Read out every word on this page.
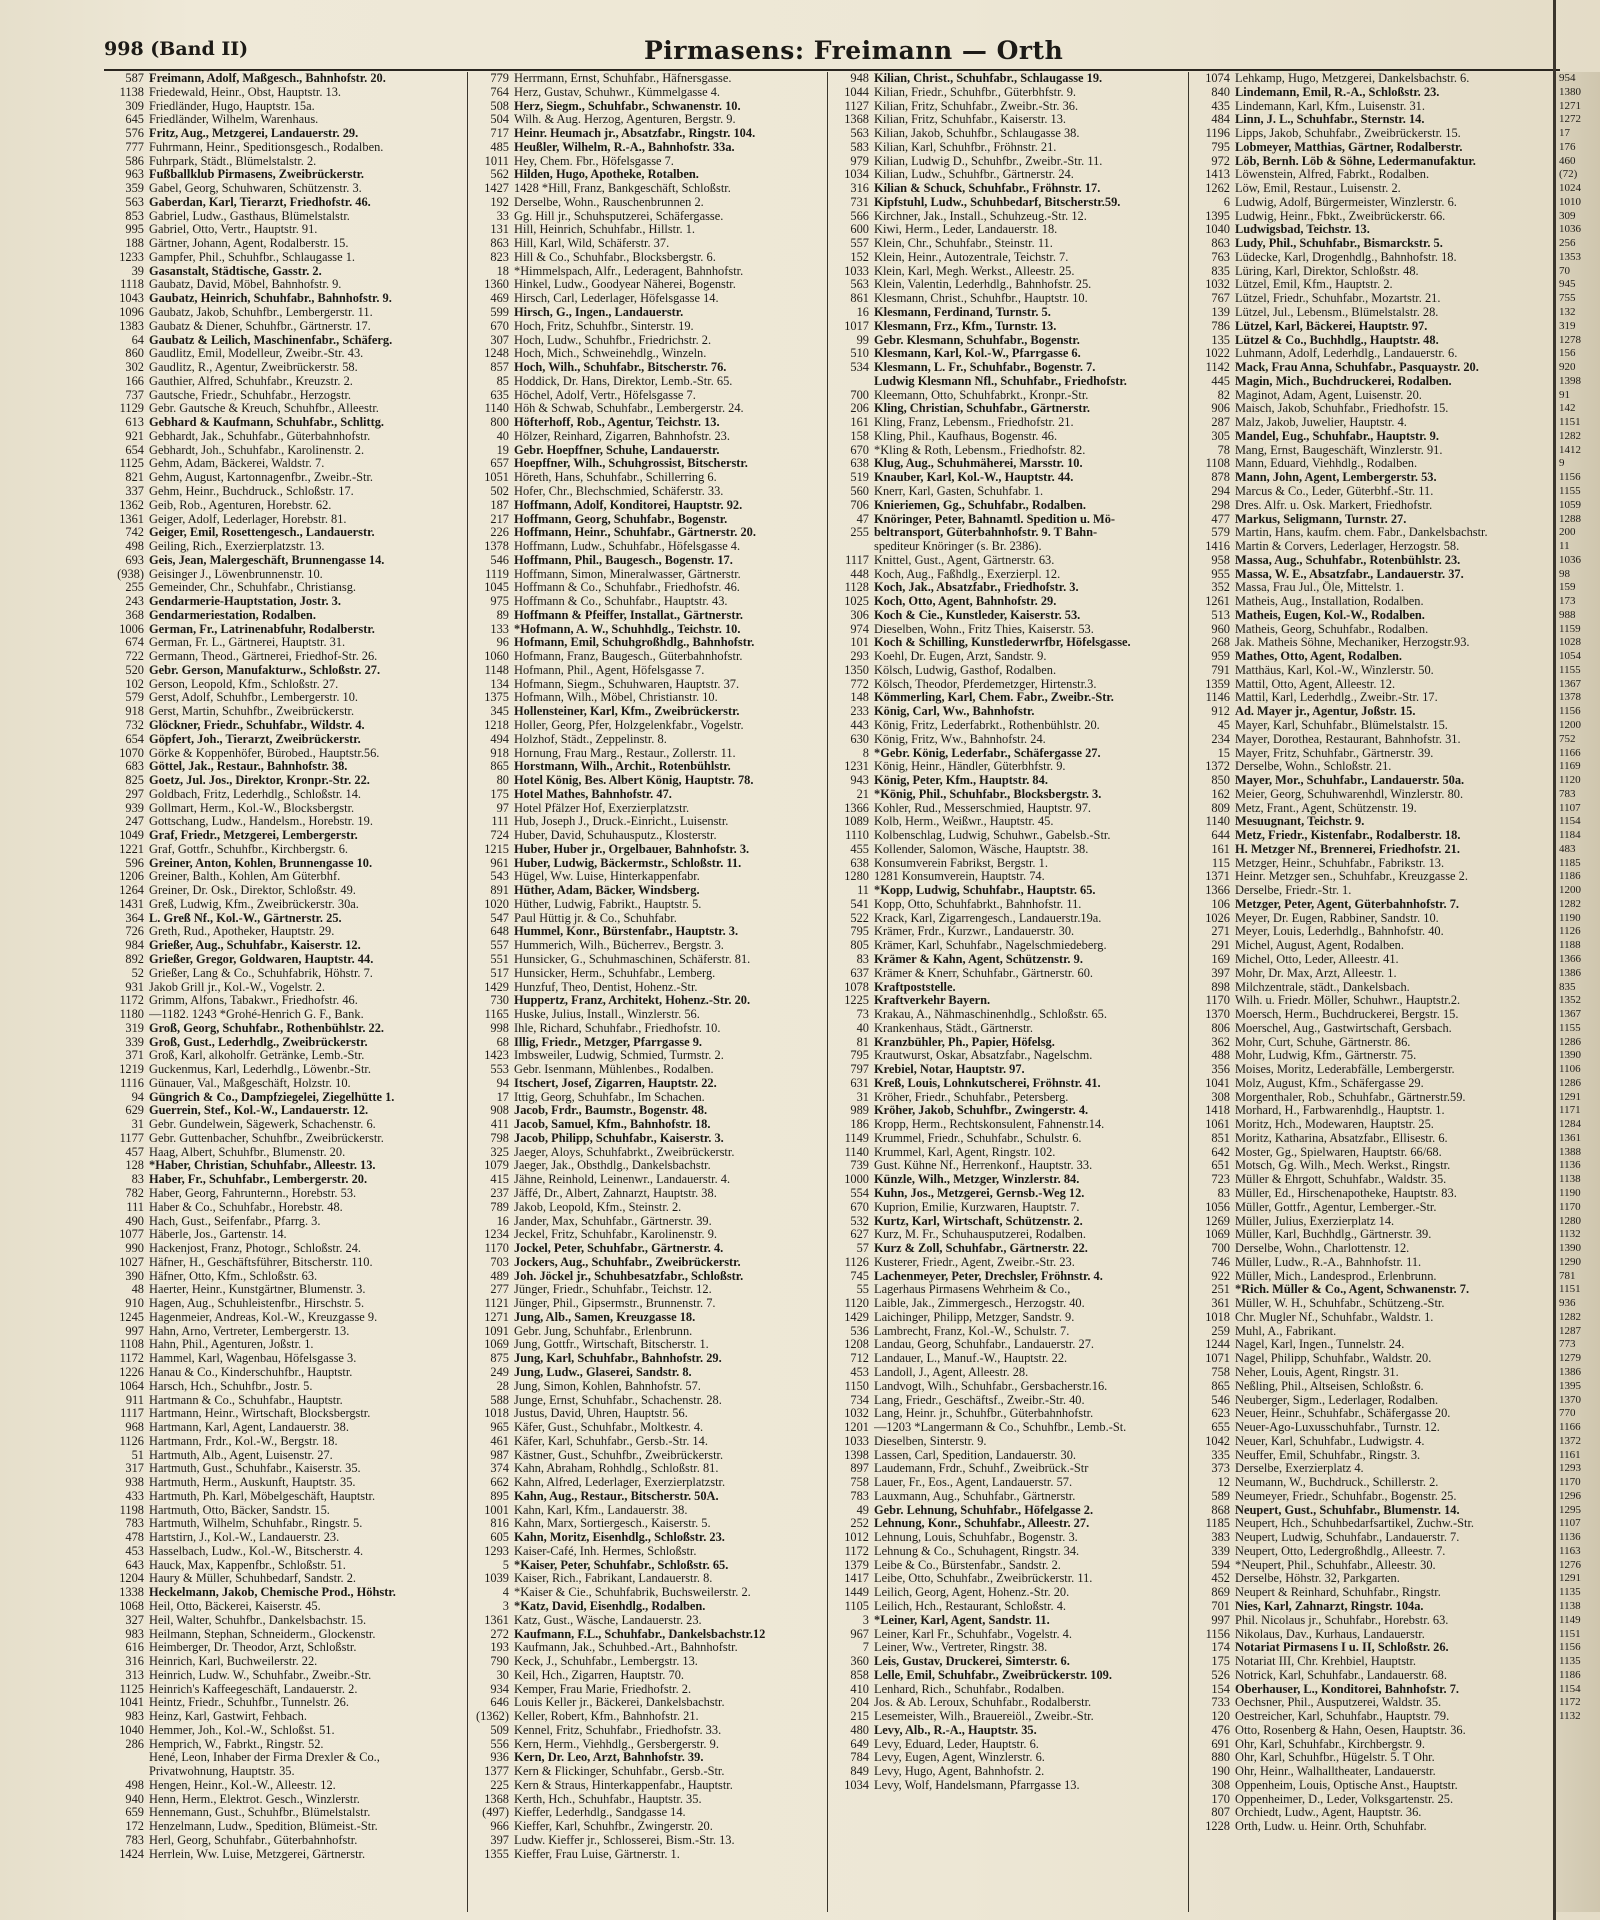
998 (Band II)	Pirmasens: Freimann — Orth
587 Freimann, Adolf, Maßgesch., Bahnhofstr. 20.
1138 Friedewald, Heinr., Obst, Hauptstr. 13.
309 Friedländer, Hugo, Hauptstr. 15a.
645 Friedländer, Wilhelm, Warenhaus.
576 Fritz, Aug., Metzgerei, Landauerstr. 29.
777 Fuhrmann, Heinr., Speditionsgesch., Rodalben.
586 Fuhrpark, Städt., Blümelstalstr. 2.
963 Fußballklub Pirmasens, Zweibrückerstr.
359 Gabel, Georg, Schuhwaren, Schützenstr. 3.
563 Gaberdan, Karl, Tierarzt, Friedhofstr. 46.
853 Gabriel, Ludw., Gasthaus, Blümelstalstr.
995 Gabriel, Otto, Vertr., Hauptstr. 91.
188 Gärtner, Johann, Agent, Rodalberstr. 15.
1233 Gampfer, Phil., Schuhfbr., Schlaugasse 1.
39 Gasanstalt, Städtische, Gasstr. 2.
1118 Gaubatz, David, Möbel, Bahnhofstr. 9.
1043 Gaubatz, Heinrich, Schuhfabr., Bahnhofstr. 9.
1096 Gaubatz, Jakob, Schuhfbr., Lembergerstr. 11.
1383 Gaubatz & Diener, Schuhfbr., Gärtnerstr. 17.
64 Gaubatz & Leilich, Maschinenfabr., Schäferg.
860 Gaudlitz, Emil, Modelleur, Zweibr.-Str. 43.
302 Gaudlitz, R., Agentur, Zweibrückerstr. 58.
166 Gauthier, Alfred, Schuhfabr., Kreuzstr. 2.
737 Gautsche, Friedr., Schuhfabr., Herzogstr.
1129 Gebr. Gautsche & Kreuch, Schuhfbr., Alleestr.
613 Gebhard & Kaufmann, Schuhfabr., Schlittg.
921 Gebhardt, Jak., Schuhfabr., Güterbahnhofstr.
654 Gebhardt, Joh., Schuhfabr., Karolinenstr. 2.
1125 Gehm, Adam, Bäckerei, Waldstr. 7.
821 Gehm, August, Kartonnagenfbr., Zweibr.-Str.
337 Gehm, Heinr., Buchdruck., Schloßstr. 17.
1362 Geib, Rob., Agenturen, Horebstr. 62.
1361 Geiger, Adolf, Lederlager, Horebstr. 81.
742 Geiger, Emil, Rosettengesch., Landauerstr.
498 Geiling, Rich., Exerzierplatzstr. 13.
693 Geis, Jean, Malergeschäft, Brunnengasse 14.
(938) Geisinger J., Löwenbrunnenstr. 10.
255 Gemeinder, Chr., Schuhfabr., Christiansg.
243 Gendarmerie-Hauptstation, Jostr. 3.
368 Gendarmeriestation, Rodalben.
1006 German, Fr., Latrinenabfuhr, Rodalberstr.
674 German, Fr. L., Gärtnerei, Hauptstr. 31.
722 Germann, Theod., Gärtnerei, Friedhof-Str. 26.
520 Gebr. Gerson, Manufakturw., Schloßstr. 27.
102 Gerson, Leopold, Kfm., Schloßstr. 27.
579 Gerst, Adolf, Schuhfbr., Lembergerstr. 10.
918 Gerst, Martin, Schuhfbr., Zweibrückerstr.
732 Glöckner, Friedr., Schuhfabr., Wildstr. 4.
654 Göpfert, Joh., Tierarzt, Zweibrückerstr.
1070 Görke & Koppenhöfer, Bürobed., Hauptstr.56.
683 Göttel, Jak., Restaur., Bahnhofstr. 38.
825 Goetz, Jul. Jos., Direktor, Kronpr.-Str. 22.
297 Goldbach, Fritz, Lederhdlg., Schloßstr. 14.
939 Gollmart, Herm., Kol.-W., Blocksbergstr.
247 Gottschang, Ludw., Handelsm., Horebstr. 19.
1049 Graf, Friedr., Metzgerei, Lembergerstr.
1221 Graf, Gottfr., Schuhfbr., Kirchbergstr. 6.
596 Greiner, Anton, Kohlen, Brunnengasse 10.
1206 Greiner, Balth., Kohlen, Am Güterbhf.
1264 Greiner, Dr. Osk., Direktor, Schloßstr. 49.
1431 Greß, Ludwig, Kfm., Zweibrückerstr. 30a.
364 L. Greß Nf., Kol.-W., Gärtnerstr. 25.
726 Greth, Rud., Apotheker, Hauptstr. 29.
984 Grießer, Aug., Schuhfabr., Kaiserstr. 12.
892 Grießer, Gregor, Goldwaren, Hauptstr. 44.
52 Grießer, Lang & Co., Schuhfabrik, Höhstr. 7.
931 Jakob Grill jr., Kol.-W., Vogelstr. 2.
1172 Grimm, Alfons, Tabakwr., Friedhofstr. 46.
1180 —1182. 1243 *Grohé-Henrich G. F., Bank.
319 Groß, Georg, Schuhfabr., Rothenbühlstr. 22.
339 Groß, Gust., Lederhdlg., Zweibrückerstr.
371 Groß, Karl, alkoholfr. Getränke, Lemb.-Str.
1219 Guckenmus, Karl, Lederhdlg., Löwenbr.-Str.
1116 Günauer, Val., Maßgeschäft, Holzstr. 10.
94 Güngrich & Co., Dampfziegelei, Ziegelhütte 1.
629 Guerrein, Stef., Kol.-W., Landauerstr. 12.
31 Gebr. Gundelwein, Sägewerk, Schachenstr. 6.
1177 Gebr. Guttenbacher, Schuhfbr., Zweibrückerstr.
457 Haag, Albert, Schuhfbr., Blumenstr. 20.
128 *Haber, Christian, Schuhfabr., Alleestr. 13.
83 Haber, Fr., Schuhfabr., Lembergerstr. 20.
782 Haber, Georg, Fahrunternn., Horebstr. 53.
111 Haber & Co., Schuhfabr., Horebstr. 48.
490 Hach, Gust., Seifenfabr., Pfarrg. 3.
1077 Häberle, Jos., Gartenstr. 14.
990 Hackenjost, Franz, Photogr., Schloßstr. 24.
1027 Häfner, H., Geschäftsführer, Bitscherstr. 110.
390 Häfner, Otto, Kfm., Schloßstr. 63.
48 Haerter, Heinr., Kunstgärtner, Blumenstr. 3.
910 Hagen, Aug., Schuhleistenfbr., Hirschstr. 5.
1245 Hagenmeier, Andreas, Kol.-W., Kreuzgasse 9.
997 Hahn, Arno, Vertreter, Lembergerstr. 13.
1108 Hahn, Phil., Agenturen, Joßstr. 1.
1172 Hammel, Karl, Wagenbau, Höfelsgasse 3.
1226 Hanau & Co., Kinderschuhfbr., Hauptstr.
1064 Harsch, Hch., Schuhfbr., Jostr. 5.
911 Hartmann & Co., Schuhfabr., Hauptstr.
1117 Hartmann, Heinr., Wirtschaft, Blocksbergstr.
968 Hartmann, Karl, Agent, Landauerstr. 38.
1126 Hartmann, Frdr., Kol.-W., Bergstr. 18.
51 Hartmuth, Alb., Agent, Luisenstr. 27.
317 Hartmuth, Gust., Schuhfabr., Kaiserstr. 35.
938 Hartmuth, Herm., Auskunft, Hauptstr. 35.
433 Hartmuth, Ph. Karl, Möbelgeschäft, Hauptstr.
1198 Hartmuth, Otto, Bäcker, Sandstr. 15.
783 Hartmuth, Wilhelm, Schuhfabr., Ringstr. 5.
478 Hartstirn, J., Kol.-W., Landauerstr. 23.
453 Hasselbach, Ludw., Kol.-W., Bitscherstr. 4.
643 Hauck, Max, Kappenfbr., Schloßstr. 51.
1204 Haury & Müller, Schuhbedarf, Sandstr. 2.
1338 Heckelmann, Jakob, Chemische Prod., Höhstr.
1068 Heil, Otto, Bäckerei, Kaiserstr. 45.
327 Heil, Walter, Schuhfbr., Dankelsbachstr. 15.
983 Heilmann, Stephan, Schneiderm., Glockenstr.
616 Heimberger, Dr. Theodor, Arzt, Schloßstr.
316 Heinrich, Karl, Buchweilerstr. 22.
313 Heinrich, Ludw. W., Schuhfabr., Zweibr.-Str.
1125 Heinrich's Kaffeegeschäft, Landauerstr. 2.
1041 Heintz, Friedr., Schuhfbr., Tunnelstr. 26.
983 Heinz, Karl, Gastwirt, Fehbach.
1040 Hemmer, Joh., Kol.-W., Schloßst. 51.
286 Hemprich, W., Fabrkt., Ringstr. 52.
Hené, Leon, Inhaber der Firma Drexler & Co.,
Privatwohnung, Hauptstr. 35.
498 Hengen, Heinr., Kol.-W., Alleestr. 12.
940 Henn, Herm., Elektrot. Gesch., Winzlerstr.
659 Hennemann, Gust., Schuhfbr., Blümelstalstr.
172 Henzelmann, Ludw., Spedition, Blümeist.-Str.
783 Herl, Georg, Schuhfabr., Güterbahnhofstr.
1424 Herrlein, Ww. Luise, Metzgerei, Gärtnerstr.
779 Herrmann, Ernst, Schuhfabr., Häfnersgasse.
764 Herz, Gustav, Schuhwr., Kümmelgasse 4.
508 Herz, Siegm., Schuhfabr., Schwanenstr. 10.
504 Wilh. & Aug. Herzog, Agenturen, Bergstr. 9.
717 Heinr. Heumach jr., Absatzfabr., Ringstr. 104.
485 Heußler, Wilhelm, R.-A., Bahnhofstr. 33a.
1011 Hey, Chem. Fbr., Höfelsgasse 7.
562 Hilden, Hugo, Apotheke, Rotalben.
1427 1428 *Hill, Franz, Bankgeschäft, Schloßstr.
192 Derselbe, Wohn., Rauschenbrunnen 2.
33 Gg. Hill jr., Schuhsputzerei, Schäfergasse.
131 Hill, Heinrich, Schuhfabr., Hillstr. 1.
863 Hill, Karl, Wild, Schäferstr. 37.
823 Hill & Co., Schuhfabr., Blocksbergstr. 6.
18 *Himmelspach, Alfr., Lederagent, Bahnhofstr.
1360 Hinkel, Ludw., Goodyear Näherei, Bogenstr.
469 Hirsch, Carl, Lederlager, Höfelsgasse 14.
599 Hirsch, G., Ingen., Landauerstr.
670 Hoch, Fritz, Schuhfbr., Sinterstr. 19.
307 Hoch, Ludw., Schuhfbr., Friedrichstr. 2.
1248 Hoch, Mich., Schweinehdlg., Winzeln.
857 Hoch, Wilh., Schuhfabr., Bitscherstr. 76.
85 Hoddick, Dr. Hans, Direktor, Lemb.-Str. 65.
635 Höchel, Adolf, Vertr., Höfelsgasse 7.
1140 Höh & Schwab, Schuhfabr., Lembergerstr. 24.
800 Höfterhoff, Rob., Agentur, Teichstr. 13.
40 Hölzer, Reinhard, Zigarren, Bahnhofstr. 23.
19 Gebr. Hoepffner, Schuhe, Landauerstr.
657 Hoepffner, Wilh., Schuhgrossist, Bitscherstr.
1051 Höreth, Hans, Schuhfabr., Schillerring 6.
502 Hofer, Chr., Blechschmied, Schäferstr. 33.
187 Hoffmann, Adolf, Konditorei, Hauptstr. 92.
217 Hoffmann, Georg, Schuhfabr., Bogenstr.
226 Hoffmann, Heinr., Schuhfabr., Gärtnerstr. 20.
1378 Hoffmann, Ludw., Schuhfabr., Höfelsgasse 4.
546 Hoffmann, Phil., Baugesch., Bogenstr. 17.
1119 Hoffmann, Simon, Mineralwasser, Gärtnerstr.
1045 Hoffmann & Co., Schuhfabr., Friedhofstr. 46.
975 Hoffmann & Co., Schuhfabr., Hauptstr. 43.
89 Hoffmann & Pfeiffer, Installat., Gärtnerstr.
133 *Hofmann, A. W., Schuhhdlg., Teichstr. 10.
96 Hofmann, Emil, Schuhgroßhdlg., Bahnhofstr.
1060 Hofmann, Franz, Baugesch., Güterbahnhofstr.
1148 Hofmann, Phil., Agent, Höfelsgasse 7.
134 Hofmann, Siegm., Schuhwaren, Hauptstr. 37.
1375 Hofmann, Wilh., Möbel, Christianstr. 10.
345 Hollensteiner, Karl, Kfm., Zweibrückerstr.
1218 Holler, Georg, Pfer, Holzgelenkfabr., Vogelstr.
494 Holzhof, Städt., Zeppelinstr. 8.
918 Hornung, Frau Marg., Restaur., Zollerstr. 11.
865 Horstmann, Wilh., Archit., Rotenbühlstr.
80 Hotel König, Bes. Albert König, Hauptstr. 78.
175 Hotel Mathes, Bahnhofstr. 47.
97 Hotel Pfälzer Hof, Exerzierplatzstr.
111 Hub, Joseph J., Druck.-Einricht., Luisenstr.
724 Huber, David, Schuhausputz., Klosterstr.
1215 Huber, Huber jr., Orgelbauer, Bahnhofstr. 3.
961 Huber, Ludwig, Bäckermstr., Schloßstr. 11.
543 Hügel, Ww. Luise, Hinterkappenfabr.
891 Hüther, Adam, Bäcker, Windsberg.
1020 Hüther, Ludwig, Fabrikt., Hauptstr. 5.
547 Paul Hüttig jr. & Co., Schuhfabr.
648 Hummel, Konr., Bürstenfabr., Hauptstr. 3.
557 Hummerich, Wilh., Bücherrev., Bergstr. 3.
551 Hunsicker, G., Schuhmaschinen, Schäferstr. 81.
517 Hunsicker, Herm., Schuhfabr., Lemberg.
1429 Hunzfuf, Theo, Dentist, Hohenz.-Str.
730 Huppertz, Franz, Architekt, Hohenz.-Str. 20.
1165 Huske, Julius, Install., Winzlerstr. 56.
998 Ihle, Richard, Schuhfabr., Friedhofstr. 10.
68 Illig, Friedr., Metzger, Pfarrgasse 9.
1423 Imbsweiler, Ludwig, Schmied, Turmstr. 2.
553 Gebr. Isenmann, Mühlenbes., Rodalben.
94 Itschert, Josef, Zigarren, Hauptstr. 22.
17 Ittig, Georg, Schuhfabr., Im Schachen.
908 Jacob, Frdr., Baumstr., Bogenstr. 48.
411 Jacob, Samuel, Kfm., Bahnhofstr. 18.
798 Jacob, Philipp, Schuhfabr., Kaiserstr. 3.
325 Jaeger, Aloys, Schuhfabrkt., Zweibrückerstr.
1079 Jaeger, Jak., Obsthdlg., Dankelsbachstr.
415 Jähne, Reinhold, Leinenwr., Landauerstr. 4.
237 Jäffé, Dr., Albert, Zahnarzt, Hauptstr. 38.
789 Jakob, Leopold, Kfm., Steinstr. 2.
16 Jander, Max, Schuhfabr., Gärtnerstr. 39.
1234 Jeckel, Fritz, Schuhfabr., Karolinenstr. 9.
1170 Jockel, Peter, Schuhfabr., Gärtnerstr. 4.
703 Jockers, Aug., Schuhfabr., Zweibrückerstr.
489 Joh. Jöckel jr., Schuhbesatzfabr., Schloßstr.
277 Jünger, Friedr., Schuhfabr., Teichstr. 12.
1121 Jünger, Phil., Gipsermstr., Brunnenstr. 7.
1271 Jung, Alb., Samen, Kreuzgasse 18.
1091 Gebr. Jung, Schuhfabr., Erlenbrunn.
1069 Jung, Gottfr., Wirtschaft, Bitscherstr. 1.
875 Jung, Karl, Schuhfabr., Bahnhofstr. 29.
249 Jung, Ludw., Glaserei, Sandstr. 8.
28 Jung, Simon, Kohlen, Bahnhofstr. 57.
588 Junge, Ernst, Schuhfabr., Schachenstr. 28.
1018 Justus, David, Uhren, Hauptstr. 56.
965 Käfer, Gust., Schuhfabr., Moltkestr. 4.
461 Käfer, Karl, Schuhfabr., Gersb.-Str. 14.
987 Kästner, Gust., Schuhfbr., Zweibrückerstr.
374 Kahn, Abraham, Rohhdlg., Schloßstr. 81.
662 Kahn, Alfred, Lederlager, Exerzierplatzstr.
895 Kahn, Aug., Restaur., Bitscherstr. 50A.
1001 Kahn, Karl, Kfm., Landauerstr. 38.
816 Kahn, Marx, Sortiergesch., Kaiserstr. 5.
605 Kahn, Moritz, Eisenhdlg., Schloßstr. 23.
1293 Kaiser-Café, Inh. Hermes, Schloßstr.
5 *Kaiser, Peter, Schuhfabr., Schloßstr. 65.
1039 Kaiser, Rich., Fabrikant, Landauerstr. 8.
4 *Kaiser & Cie., Schuhfabrik, Buchsweilerstr. 2.
3 *Katz, David, Eisenhdlg., Rodalben.
1361 Katz, Gust., Wäsche, Landauerstr. 23.
272 Kaufmann, F.L., Schuhfabr., Dankelsbachstr.12
193 Kaufmann, Jak., Schuhbed.-Art., Bahnhofstr.
790 Keck, J., Schuhfabr., Lembergstr. 13.
30 Keil, Hch., Zigarren, Hauptstr. 70.
934 Kemper, Frau Marie, Friedhofstr. 2.
646 Louis Keller jr., Bäckerei, Dankelsbachstr.
(1362) Keller, Robert, Kfm., Bahnhofstr. 21.
509 Kennel, Fritz, Schuhfabr., Friedhofstr. 33.
556 Kern, Herm., Viehhdlg., Gersbergerstr. 9.
936 Kern, Dr. Leo, Arzt, Bahnhofstr. 39.
1377 Kern & Flickinger, Schuhfabr., Gersb.-Str.
225 Kern & Straus, Hinterkappenfabr., Hauptstr.
1368 Kerth, Hch., Schuhfabr., Hauptstr. 35.
(497) Kieffer, Lederhdlg., Sandgasse 14.
966 Kieffer, Karl, Schuhfbr., Zwingerstr. 20.
397 Ludw. Kieffer jr., Schlosserei, Bism.-Str. 13.
1355 Kieffer, Frau Luise, Gärtnerstr. 1.
948 Kilian, Christ., Schuhfabr., Schlaugasse 19.
1044 Kilian, Friedr., Schuhfbr., Güterbhfstr. 9.
1127 Kilian, Fritz, Schuhfabr., Zweibr.-Str. 36.
1368 Kilian, Fritz, Schuhfabr., Kaiserstr. 13.
563 Kilian, Jakob, Schuhfbr., Schlaugasse 38.
583 Kilian, Karl, Schuhfbr., Fröhnstr. 21.
979 Kilian, Ludwig D., Schuhfbr., Zweibr.-Str. 11.
1034 Kilian, Ludw., Schuhfbr., Gärtnerstr. 24.
316 Kilian & Schuck, Schuhfabr., Fröhnstr. 17.
731 Kipfstuhl, Ludw., Schuhbedarf, Bitscherstr.59.
566 Kirchner, Jak., Install., Schuhzeug.-Str. 12.
600 Kiwi, Herm., Leder, Landauerstr. 18.
557 Klein, Chr., Schuhfabr., Steinstr. 11.
152 Klein, Heinr., Autozentrale, Teichstr. 7.
1033 Klein, Karl, Megh. Werkst., Alleestr. 25.
563 Klein, Valentin, Lederhdlg., Bahnhofstr. 25.
861 Klesmann, Christ., Schuhfbr., Hauptstr. 10.
16 Klesmann, Ferdinand, Turnstr. 5.
1017 Klesmann, Frz., Kfm., Turnstr. 13.
99 Gebr. Klesmann, Schuhfabr., Bogenstr.
510 Klesmann, Karl, Kol.-W., Pfarrgasse 6.
534 Klesmann, L. Fr., Schuhfabr., Bogenstr. 7.
Ludwig Klesmann Nfl., Schuhfabr., Friedhofstr.
700 Kleemann, Otto, Schuhfabrkt., Kronpr.-Str.
206 Kling, Christian, Schuhfabr., Gärtnerstr.
161 Kling, Franz, Lebensm., Friedhofstr. 21.
158 Kling, Phil., Kaufhaus, Bogenstr. 46.
670 *Kling & Roth, Lebensm., Friedhofstr. 82.
638 Klug, Aug., Schuhmäherei, Marsstr. 10.
519 Knauber, Karl, Kol.-W., Hauptstr. 44.
560 Knerr, Karl, Gasten, Schuhfabr. 1.
706 Knieriemen, Gg., Schuhfabr., Rodalben.
47 Knöringer, Peter, Bahnamtl. Spedition u. Mö-
255 beltransport, Güterbahnhofstr. 9. T Bahn-
spediteur Knöringer (s. Br. 2386).
1117 Knittel, Gust., Agent, Gärtnerstr. 63.
448 Koch, Aug., Faßhdlg., Exerzierpl. 12.
1128 Koch, Jak., Absatzfabr., Friedhofstr. 3.
1025 Koch, Otto, Agent, Bahnhofstr. 29.
306 Koch & Cie., Kunstleder, Kaiserstr. 53.
974 Dieselben, Wohn., Fritz Thies, Kaiserstr. 53.
101 Koch & Schilling, Kunstlederwrfbr, Höfelsgasse.
293 Koehl, Dr. Eugen, Arzt, Sandstr. 9.
1350 Kölsch, Ludwig, Gasthof, Rodalben.
772 Kölsch, Theodor, Pferdemetzger, Hirtenstr.3.
148 Kömmerling, Karl, Chem. Fabr., Zweibr.-Str.
233 König, Carl, Ww., Bahnhofstr.
443 König, Fritz, Lederfabrkt., Rothenbühlstr. 20.
630 König, Fritz, Ww., Bahnhofstr. 24.
8 *Gebr. König, Lederfabr., Schäfergasse 27.
1231 König, Heinr., Händler, Güterbhfstr. 9.
943 König, Peter, Kfm., Hauptstr. 84.
21 *König, Phil., Schuhfabr., Blocksbergstr. 3.
1366 Kohler, Rud., Messerschmied, Hauptstr. 97.
1089 Kolb, Herm., Weißwr., Hauptstr. 45.
1110 Kolbenschlag, Ludwig, Schuhwr., Gabelsb.-Str.
455 Kollender, Salomon, Wäsche, Hauptstr. 38.
638 Konsumverein Fabrikst, Bergstr. 1.
1280 1281 Konsumverein, Hauptstr. 74.
11 *Kopp, Ludwig, Schuhfabr., Hauptstr. 65.
541 Kopp, Otto, Schuhfabrkt., Bahnhofstr. 11.
522 Krack, Karl, Zigarrengesch., Landauerstr.19a.
795 Krämer, Frdr., Kurzwr., Landauerstr. 30.
805 Krämer, Karl, Schuhfabr., Nagelschmiedeberg.
83 Krämer & Kahn, Agent, Schützenstr. 9.
637 Krämer & Knerr, Schuhfabr., Gärtnerstr. 60.
1078 Kraftpoststelle.
1225 Kraftverkehr Bayern.
73 Krakau, A., Nähmaschinenhdlg., Schloßstr. 65.
40 Krankenhaus, Städt., Gärtnerstr.
81 Kranzbühler, Ph., Papier, Höfelsg.
795 Krautwurst, Oskar, Absatzfabr., Nagelschm.
797 Krebiel, Notar, Hauptstr. 97.
631 Kreß, Louis, Lohnkutscherei, Fröhnstr. 41.
31 Kröher, Friedr., Schuhfabr., Petersberg.
989 Kröher, Jakob, Schuhfbr., Zwingerstr. 4.
186 Kropp, Herm., Rechtskonsulent, Fahnenstr.14.
1149 Krummel, Friedr., Schuhfabr., Schulstr. 6.
1140 Krummel, Karl, Agent, Ringstr. 102.
739 Gust. Kühne Nf., Herrenkonf., Hauptstr. 33.
1000 Künzle, Wilh., Metzger, Winzlerstr. 84.
554 Kuhn, Jos., Metzgerei, Gernsb.-Weg 12.
670 Kuprion, Emilie, Kurzwaren, Hauptstr. 7.
532 Kurtz, Karl, Wirtschaft, Schützenstr. 2.
627 Kurz, M. Fr., Schuhausputzerei, Rodalben.
57 Kurz & Zoll, Schuhfabr., Gärtnerstr. 22.
1126 Kusterer, Friedr., Agent, Zweibr.-Str. 23.
745 Lachenmeyer, Peter, Drechsler, Fröhnstr. 4.
55 Lagerhaus Pirmasens Wehrheim & Co.,
1120 Laible, Jak., Zimmergesch., Herzogstr. 40.
1429 Laichinger, Philipp, Metzger, Sandstr. 9.
536 Lambrecht, Franz, Kol.-W., Schulstr. 7.
1208 Landau, Georg, Schuhfabr., Landauerstr. 27.
712 Landauer, L., Manuf.-W., Hauptstr. 22.
453 Landoll, J., Agent, Alleestr. 28.
1150 Landvogt, Wilh., Schuhfabr., Gersbacherstr.16.
734 Lang, Friedr., Geschäftsf., Zweibr.-Str. 40.
1032 Lang, Heinr. jr., Schuhfbr., Güterbahnhofstr.
1201 —1203 *Langermann & Co., Schuhfbr., Lemb.-St.
1033 Dieselben, Sinterstr. 9.
1398 Lassen, Carl, Spedition, Landauerstr. 30.
897 Laudemann, Frdr., Schuhf., Zweibrück.-Str
758 Lauer, Fr., Eos., Agent, Landauerstr. 57.
783 Lauxmann, Aug., Schuhfabr., Gärtnerstr.
49 Gebr. Lehnung, Schuhfabr., Höfelgasse 2.
252 Lehnung, Konr., Schuhfabr., Alleestr. 27.
1012 Lehnung, Louis, Schuhfabr., Bogenstr. 3.
1172 Lehnung & Co., Schuhagent, Ringstr. 34.
1379 Leibe & Co., Bürstenfabr., Sandstr. 2.
1417 Leibe, Otto, Schuhfabr., Zweibrückerstr. 11.
1449 Leilich, Georg, Agent, Hohenz.-Str. 20.
1105 Leilich, Hch., Restaurant, Schloßstr. 4.
3 *Leiner, Karl, Agent, Sandstr. 11.
967 Leiner, Karl Fr., Schuhfabr., Vogelstr. 4.
7 Leiner, Ww., Vertreter, Ringstr. 38.
360 Leis, Gustav, Druckerei, Simterstr. 6.
858 Lelle, Emil, Schuhfabr., Zweibrückerstr. 109.
410 Lenhard, Rich., Schuhfabr., Rodalben.
204 Jos. & Ab. Leroux, Schuhfabr., Rodalberstr.
215 Lesemeister, Wilh., Brauereiöl., Zweibr.-Str.
480 Levy, Alb., R.-A., Hauptstr. 35.
649 Levy, Eduard, Leder, Hauptstr. 6.
784 Levy, Eugen, Agent, Winzlerstr. 6.
849 Levy, Hugo, Agent, Bahnhofstr. 2.
1034 Levy, Wolf, Handelsmann, Pfarrgasse 13.
1074 Lehkamp, Hugo, Metzgerei, Dankelsbachstr. 6.
840 Lindemann, Emil, R.-A., Schloßstr. 23.
435 Lindemann, Karl, Kfm., Luisenstr. 31.
484 Linn, J. L., Schuhfabr., Sternstr. 14.
1196 Lipps, Jakob, Schuhfabr., Zweibrückerstr. 15.
795 Lobmeyer, Matthias, Gärtner, Rodalberstr.
972 Löb, Bernh. Löb & Söhne, Ledermanufaktur.
1413 Löwenstein, Alfred, Fabrkt., Rodalben.
1262 Löw, Emil, Restaur., Luisenstr. 2.
6 Ludwig, Adolf, Bürgermeister, Winzlerstr. 6.
1395 Ludwig, Heinr., Fbkt., Zweibrückerstr. 66.
1040 Ludwigsbad, Teichstr. 13.
863 Ludy, Phil., Schuhfabr., Bismarckstr. 5.
763 Lüdecke, Karl, Drogenhdlg., Bahnhofstr. 18.
835 Lüring, Karl, Direktor, Schloßstr. 48.
1032 Lützel, Emil, Kfm., Hauptstr. 2.
767 Lützel, Friedr., Schuhfabr., Mozartstr. 21.
139 Lützel, Jul., Lebensm., Blümelstalstr. 28.
786 Lützel, Karl, Bäckerei, Hauptstr. 97.
135 Lützel & Co., Buchhdlg., Hauptstr. 48.
1022 Luhmann, Adolf, Lederhdlg., Landauerstr. 6.
1142 Mack, Frau Anna, Schuhfabr., Pasquaystr. 20.
445 Magin, Mich., Buchdruckerei, Rodalben.
82 Maginot, Adam, Agent, Luisenstr. 20.
906 Maisch, Jakob, Schuhfabr., Friedhofstr. 15.
287 Malz, Jakob, Juwelier, Hauptstr. 4.
305 Mandel, Eug., Schuhfabr., Hauptstr. 9.
78 Mang, Ernst, Baugeschäft, Winzlerstr. 91.
1108 Mann, Eduard, Viehhdlg., Rodalben.
878 Mann, John, Agent, Lembergerstr. 53.
294 Marcus & Co., Leder, Güterbhf.-Str. 11.
298 Dres. Alfr. u. Osk. Markert, Friedhofstr.
477 Markus, Seligmann, Turnstr. 27.
579 Martin, Hans, kaufm. chem. Fabr., Dankelsbachstr.
1416 Martin & Corvers, Lederlager, Herzogstr. 58.
958 Massa, Aug., Schuhfabr., Rotenbühlstr. 23.
955 Massa, W. E., Absatzfabr., Landauerstr. 37.
352 Massa, Frau Jul., Öle, Mittelstr. 1.
1261 Matheis, Aug., Installation, Rodalben.
513 Matheis, Eugen, Kol.-W., Rodalben.
960 Matheis, Georg, Schuhfabr., Rodalben.
268 Jak. Matheis Söhne, Mechaniker, Herzogstr.93.
959 Mathes, Otto, Agent, Rodalben.
791 Matthäus, Karl, Kol.-W., Winzlerstr. 50.
1359 Mattil, Otto, Agent, Alleestr. 12.
1146 Mattil, Karl, Lederhdlg., Zweibr.-Str. 17.
912 Ad. Mayer jr., Agentur, Joßstr. 15.
45 Mayer, Karl, Schuhfabr., Blümelstalstr. 15.
234 Mayer, Dorothea, Restaurant, Bahnhofstr. 31.
15 Mayer, Fritz, Schuhfabr., Gärtnerstr. 39.
1372 Derselbe, Wohn., Schloßstr. 21.
850 Mayer, Mor., Schuhfabr., Landauerstr. 50a.
162 Meier, Georg, Schuhwarenhdl, Winzlerstr. 80.
809 Metz, Frant., Agent, Schützenstr. 19.
1140 Mesuugnant, Teichstr. 9.
644 Metz, Friedr., Kistenfabr., Rodalberstr. 18.
161 H. Metzger Nf., Brennerei, Friedhofstr. 21.
115 Metzger, Heinr., Schuhfabr., Fabrikstr. 13.
1371 Heinr. Metzger sen., Schuhfabr., Kreuzgasse 2.
1366 Derselbe, Friedr.-Str. 1.
106 Metzger, Peter, Agent, Güterbahnhofstr. 7.
1026 Meyer, Dr. Eugen, Rabbiner, Sandstr. 10.
271 Meyer, Louis, Lederhdlg., Bahnhofstr. 40.
291 Michel, August, Agent, Rodalben.
169 Michel, Otto, Leder, Alleestr. 41.
397 Mohr, Dr. Max, Arzt, Alleestr. 1.
898 Milchzentrale, städt., Dankelsbach.
1170 Wilh. u. Friedr. Möller, Schuhwr., Hauptstr.2.
1370 Moersch, Herm., Buchdruckerei, Bergstr. 15.
806 Moerschel, Aug., Gastwirtschaft, Gersbach.
362 Mohr, Curt, Schuhe, Gärtnerstr. 86.
488 Mohr, Ludwig, Kfm., Gärtnerstr. 75.
356 Moises, Moritz, Lederabfälle, Lembergerstr.
1041 Molz, August, Kfm., Schäfergasse 29.
308 Morgenthaler, Rob., Schuhfabr., Gärtnerstr.59.
1418 Morhard, H., Farbwarenhdlg., Hauptstr. 1.
1061 Moritz, Hch., Modewaren, Hauptstr. 25.
851 Moritz, Katharina, Absatzfabr., Ellisestr. 6.
642 Moster, Gg., Spielwaren, Hauptstr. 66/68.
651 Motsch, Gg. Wilh., Mech. Werkst., Ringstr.
723 Müller & Ehrgott, Schuhfabr., Waldstr. 35.
83 Müller, Ed., Hirschenapotheke, Hauptstr. 83.
1056 Müller, Gottfr., Agentur, Lemberger.-Str.
1269 Müller, Julius, Exerzierplatz 14.
1069 Müller, Karl, Buchhdlg., Gärtnerstr. 39.
700 Derselbe, Wohn., Charlottenstr. 12.
746 Müller, Ludw., R.-A., Bahnhofstr. 11.
922 Müller, Mich., Landesprod., Erlenbrunn.
251 *Rich. Müller & Co., Agent, Schwanenstr. 7.
361 Müller, W. H., Schuhfabr., Schützeng.-Str.
1018 Chr. Mugler Nf., Schuhfabr., Waldstr. 1.
259 Muhl, A., Fabrikant.
1244 Nagel, Karl, Ingen., Tunnelstr. 24.
1071 Nagel, Philipp, Schuhfabr., Waldstr. 20.
758 Neher, Louis, Agent, Ringstr. 31.
865 Neßling, Phil., Altseisen, Schloßstr. 6.
546 Neuberger, Sigm., Lederlager, Rodalben.
623 Neuer, Heinr., Schuhfabr., Schäfergasse 20.
655 Neuer-Ago-Luxusschuhfabr., Turnstr. 12.
1042 Neuer, Karl, Schuhfabr., Ludwigstr. 4.
335 Neuffer, Emil, Schuhfabr., Ringstr. 3.
373 Derselbe, Exerzierplatz 4.
12 Neumann, W., Buchdruck., Schillerstr. 2.
589 Neumeyer, Friedr., Schuhfabr., Bogenstr. 25.
868 Neupert, Gust., Schuhfabr., Blumenstr. 14.
1185 Neupert, Hch., Schuhbedarfsartikel, Zuchw.-Str.
383 Neupert, Ludwig, Schuhfabr., Landauerstr. 7.
339 Neupert, Otto, Ledergroßhdlg., Alleestr. 7.
594 *Neupert, Phil., Schuhfabr., Alleestr. 30.
452 Derselbe, Höhstr. 32, Parkgarten.
869 Neupert & Reinhard, Schuhfabr., Ringstr.
701 Nies, Karl, Zahnarzt, Ringstr. 104a.
997 Phil. Nicolaus jr., Schuhfabr., Horebstr. 63.
1156 Nikolaus, Dav., Kurhaus, Landauerstr.
174 Notariat Pirmasens I u. II, Schloßstr. 26.
175 Notariat III, Chr. Krehbiel, Hauptstr.
526 Notrick, Karl, Schuhfabr., Landauerstr. 68.
154 Oberhauser, L., Konditorei, Bahnhofstr. 7.
733 Oechsner, Phil., Ausputzerei, Waldstr. 35.
120 Oestreicher, Karl, Schuhfabr., Hauptstr. 79.
476 Otto, Rosenberg & Hahn, Oesen, Hauptstr. 36.
691 Ohr, Karl, Schuhfabr., Kirchbergstr. 9.
880 Ohr, Karl, Schuhfbr., Hügelstr. 5. T Ohr.
190 Ohr, Heinr., Walhalltheater, Landauerstr.
308 Oppenheim, Louis, Optische Anst., Hauptstr.
170 Oppenheimer, D., Leder, Volksgartenstr. 25.
807 Orchiedt, Ludw., Agent, Hauptstr. 36.
1228 Orth, Ludw. u. Heinr. Orth, Schuhfabr.
954
1380
1271
1272
17
176
460
(72)
1024
1010
309
1036
256
1353
70
945
755
132
319
1278
156
920
1398
91
142
1151
1282
1412
9
1156
1155
1059
1288
200
11
1036
98
159
173
988
1159
1028
1054
1155
1367
1378
1156
1200
752
1166
1169
1120
783
1107
1154
1184
483
1185
1186
1200
1282
1190
1126
1188
1366
1386
835
1352
1367
1155
1286
1390
1106
1286
1291
1171
1284
1361
1388
1136
1138
1190
1170
1280
1132
1390
1290
781
1151
936
1282
1287
773
1279
1386
1395
1370
770
1166
1372
1161
1293
1170
1296
1295
1107
1136
1163
1276
1291
1135
1138
1149
1151
1156
1135
1186
1154
1172
1132
